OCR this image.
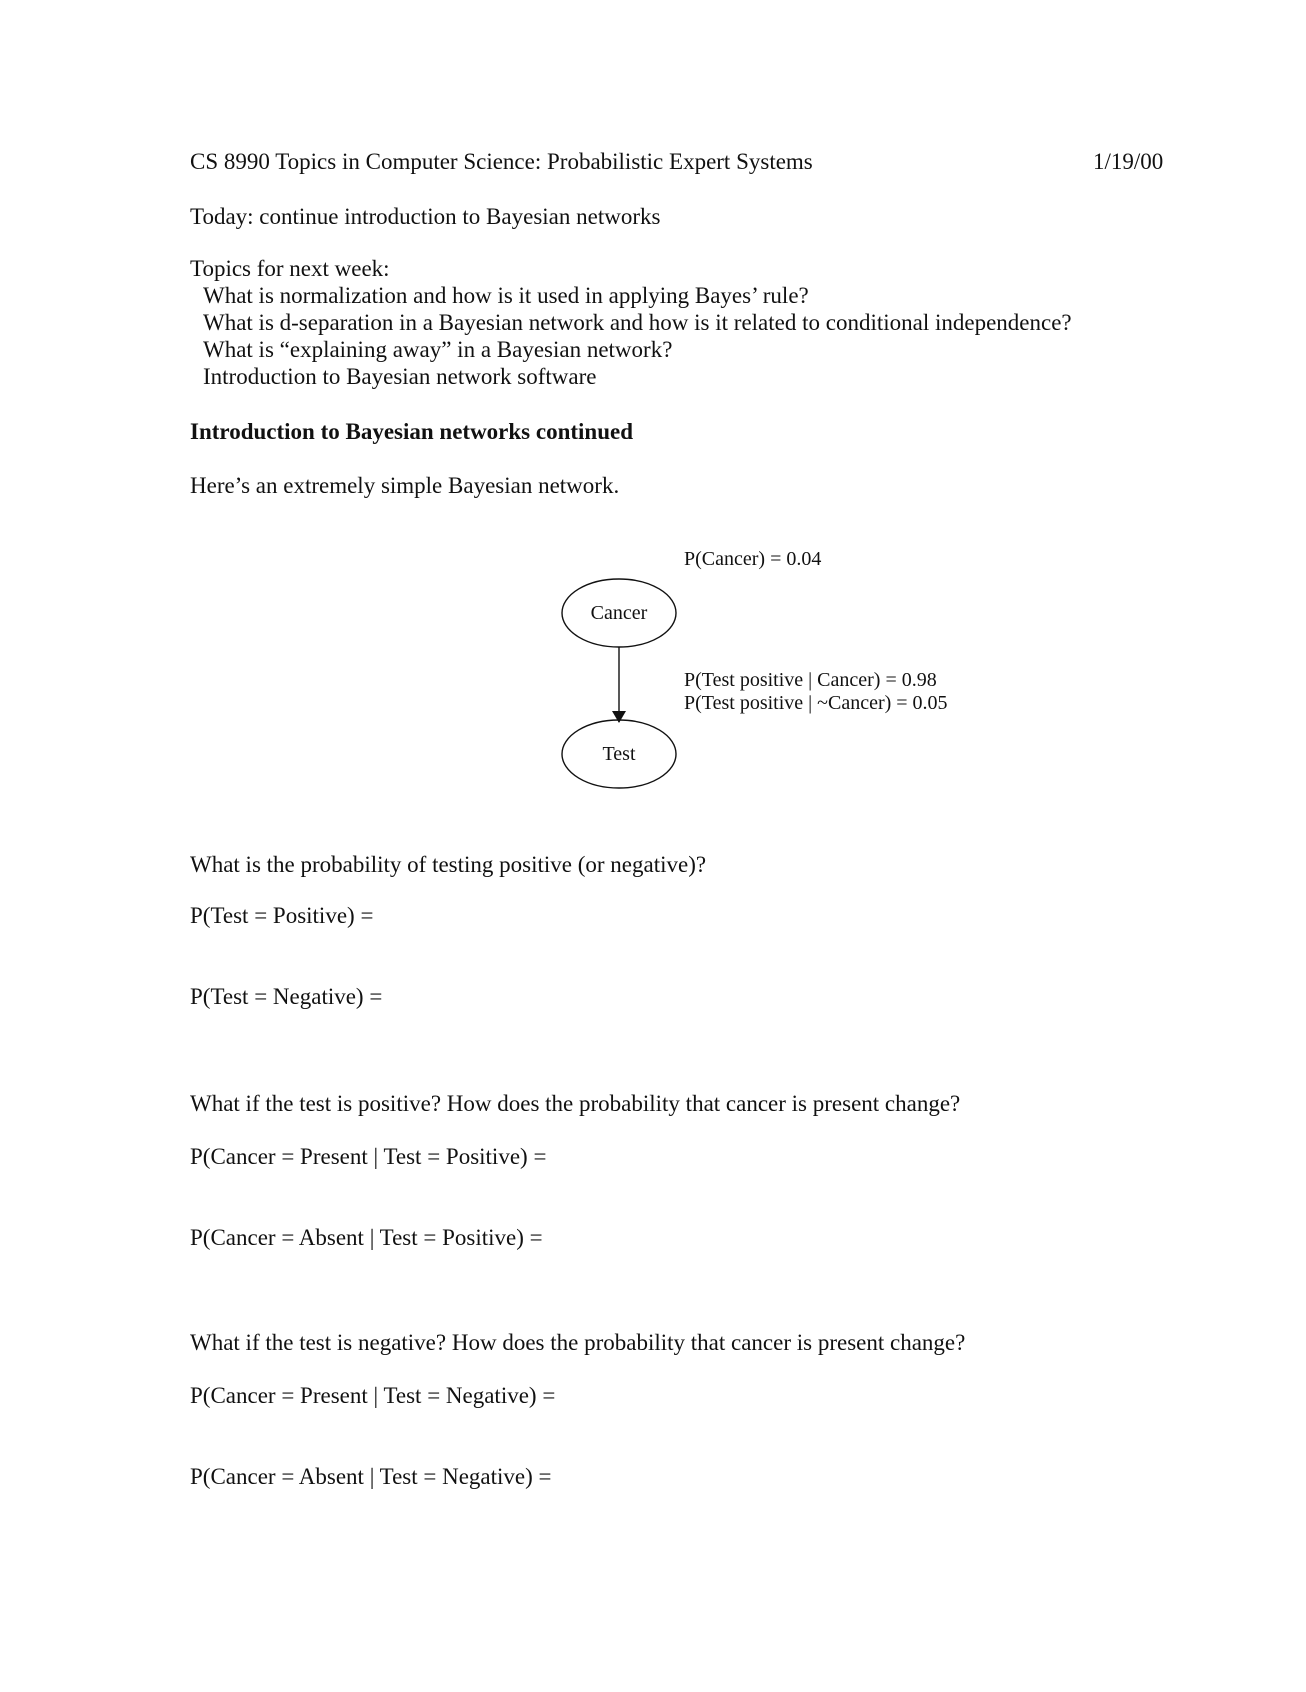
CS 8990 Topics in Computer Science: Probabilistic Expert Systems	1/19/00
Today: continue introduction to Bayesian networks
Topics for next week:
What is normalization and how is it used in applying Bayes’ rule?
What is d-separation in a Bayesian network and how is it related to conditional independence?
What is “explaining away” in a Bayesian network?
Introduction to Bayesian network software
Introduction to Bayesian networks continued
Here’s an extremely simple Bayesian network.
P(Cancer) = 0.04
Cancer
Test
P(Test positive | Cancer) = 0.98
P(Test positive | ~Cancer) = 0.05
What is the probability of testing positive (or negative)?
P(Test = Positive) =
P(Test = Negative) =
What if the test is positive? How does the probability that cancer is present change?
P(Cancer = Present | Test = Positive) =
P(Cancer = Absent | Test = Positive) =
What if the test is negative? How does the probability that cancer is present change?
P(Cancer = Present | Test = Negative) =
P(Cancer = Absent | Test = Negative) =
